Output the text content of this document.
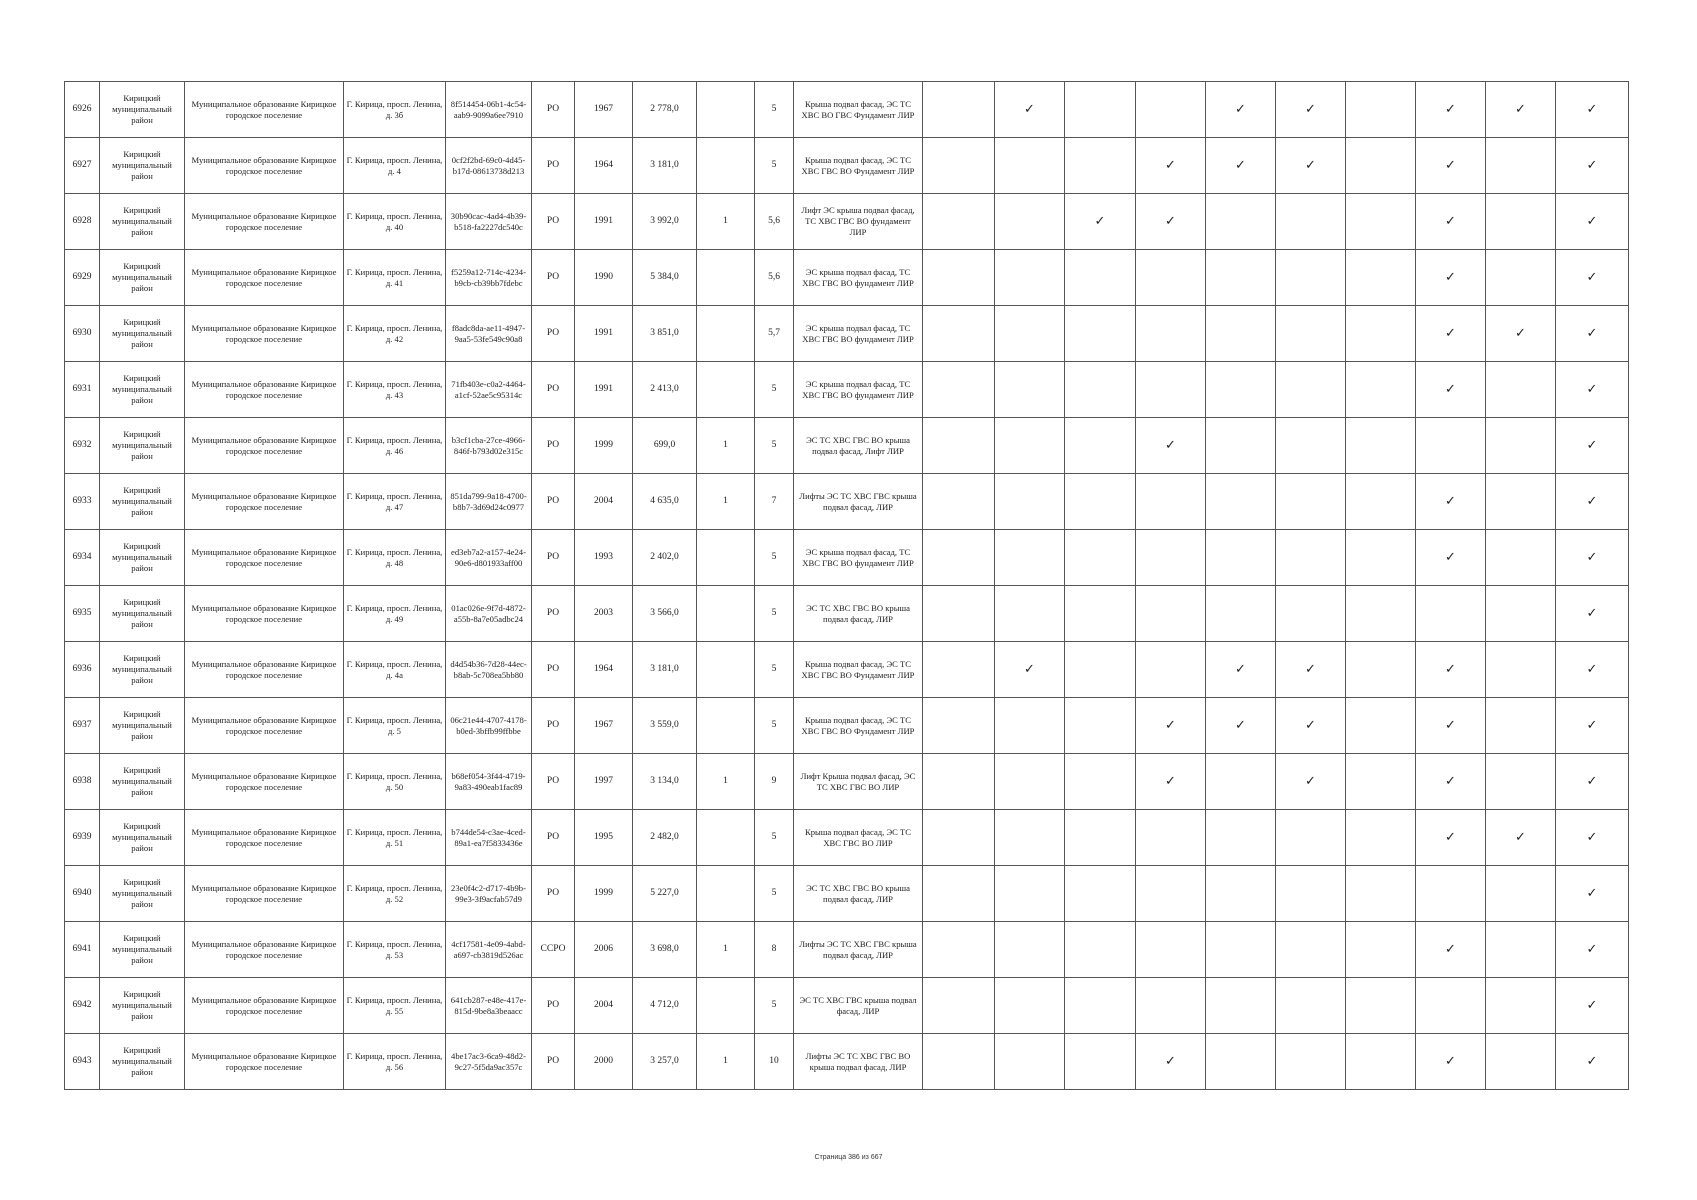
6926	Кирицкий муниципальный район	Муниципальное образование Кирицкое городское поселение	Г. Кирица, просп. Ленина, д. 3б	8f514454-06b1-4c54-aab9-9099a6ee7910	РО	1967	2 778,0		5	Крыша подвал фасад, ЭС ТС ХВС ВО ГВС Фундамент ЛИР		✓			✓	✓		✓	✓	✓
6927	Кирицкий муниципальный район	Муниципальное образование Кирицкое городское поселение	Г. Кирица, просп. Ленина, д. 4	0cf2f2bd-69c0-4d45-b17d-08613738d213	РО	1964	3 181,0		5	Крыша подвал фасад, ЭС ТС ХВС ГВС ВО Фундамент ЛИР				✓	✓	✓		✓		✓
6928	Кирицкий муниципальный район	Муниципальное образование Кирицкое городское поселение	Г. Кирица, просп. Ленина, д. 40	30b90cac-4ad4-4b39-b518-fa2227dc540c	РО	1991	3 992,0	1	5,6	Лифт ЭС крыша подвал фасад, ТС ХВС ГВС ВО фундамент ЛИР			✓	✓				✓		✓
6929	Кирицкий муниципальный район	Муниципальное образование Кирицкое городское поселение	Г. Кирица, просп. Ленина, д. 41	f5259a12-714c-4234-b9cb-cb39bb7fdebc	РО	1990	5 384,0		5,6	ЭС крыша подвал фасад, ТС ХВС ГВС ВО фундамент ЛИР								✓		✓
6930	Кирицкий муниципальный район	Муниципальное образование Кирицкое городское поселение	Г. Кирица, просп. Ленина, д. 42	f8adc8da-ae11-4947-9aa5-53fe549c90a8	РО	1991	3 851,0		5,7	ЭС крыша подвал фасад, ТС ХВС ГВС ВО фундамент ЛИР								✓	✓	✓
6931	Кирицкий муниципальный район	Муниципальное образование Кирицкое городское поселение	Г. Кирица, просп. Ленина, д. 43	71fb403e-c0a2-4464-a1cf-52ae5c95314c	РО	1991	2 413,0		5	ЭС крыша подвал фасад, ТС ХВС ГВС ВО фундамент ЛИР								✓		✓
6932	Кирицкий муниципальный район	Муниципальное образование Кирицкое городское поселение	Г. Кирица, просп. Ленина, д. 46	b3cf1cba-27ce-4966-846f-b793d02e315c	РО	1999	699,0	1	5	ЭС ТС ХВС ГВС ВО крыша подвал фасад, Лифт ЛИР				✓						✓
6933	Кирицкий муниципальный район	Муниципальное образование Кирицкое городское поселение	Г. Кирица, просп. Ленина, д. 47	851da799-9a18-4700-b8b7-3d69d24c0977	РО	2004	4 635,0	1	7	Лифты ЭС ТС ХВС ГВС крыша подвал фасад, ЛИР								✓		✓
6934	Кирицкий муниципальный район	Муниципальное образование Кирицкое городское поселение	Г. Кирица, просп. Ленина, д. 48	ed3eb7a2-a157-4e24-90e6-d801933aff00	РО	1993	2 402,0		5	ЭС крыша подвал фасад, ТС ХВС ГВС ВО фундамент ЛИР								✓		✓
6935	Кирицкий муниципальный район	Муниципальное образование Кирицкое городское поселение	Г. Кирица, просп. Ленина, д. 49	01ac026e-9f7d-4872-a55b-8a7e05adbc24	РО	2003	3 566,0		5	ЭС ТС ХВС ГВС ВО крыша подвал фасад, ЛИР										✓
6936	Кирицкий муниципальный район	Муниципальное образование Кирицкое городское поселение	Г. Кирица, просп. Ленина, д. 4а	d4d54b36-7d28-44ec-b8ab-5c708ea5bb80	РО	1964	3 181,0		5	Крыша подвал фасад, ЭС ТС ХВС ГВС ВО Фундамент ЛИР		✓			✓	✓		✓		✓
6937	Кирицкий муниципальный район	Муниципальное образование Кирицкое городское поселение	Г. Кирица, просп. Ленина, д. 5	06c21e44-4707-4178-b0ed-3bffb99ffbbe	РО	1967	3 559,0		5	Крыша подвал фасад, ЭС ТС ХВС ГВС ВО Фундамент ЛИР				✓	✓	✓		✓		✓
6938	Кирицкий муниципальный район	Муниципальное образование Кирицкое городское поселение	Г. Кирица, просп. Ленина, д. 50	b68ef054-3f44-4719-9a83-490eab1fac89	РО	1997	3 134,0	1	9	Лифт Крыша подвал фасад, ЭС ТС ХВС ГВС ВО ЛИР				✓		✓		✓		✓
6939	Кирицкий муниципальный район	Муниципальное образование Кирицкое городское поселение	Г. Кирица, просп. Ленина, д. 51	b744de54-c3ae-4ced-89a1-ea7f5833436e	РО	1995	2 482,0		5	Крыша подвал фасад, ЭС ТС ХВС ГВС ВО ЛИР								✓	✓	✓
6940	Кирицкий муниципальный район	Муниципальное образование Кирицкое городское поселение	Г. Кирица, просп. Ленина, д. 52	23e0f4c2-d717-4b9b-99e3-3f9acfab57d9	РО	1999	5 227,0		5	ЭС ТС ХВС ГВС ВО крыша подвал фасад, ЛИР										✓
6941	Кирицкий муниципальный район	Муниципальное образование Кирицкое городское поселение	Г. Кирица, просп. Ленина, д. 53	4cf17581-4e09-4abd-a697-cb3819d526ac	ССРО	2006	3 698,0	1	8	Лифты ЭС ТС ХВС ГВС крыша подвал фасад, ЛИР								✓		✓
6942	Кирицкий муниципальный район	Муниципальное образование Кирицкое городское поселение	Г. Кирица, просп. Ленина, д. 55	641cb287-e48e-417e-815d-9be8a3beaacc	РО	2004	4 712,0		5	ЭС ТС ХВС ГВС крыша подвал фасад, ЛИР										✓
6943	Кирицкий муниципальный район	Муниципальное образование Кирицкое городское поселение	Г. Кирица, просп. Ленина, д. 56	4be17ac3-6ca9-48d2-9c27-5f5da9ac357c	РО	2000	3 257,0	1	10	Лифты ЭС ТС ХВС ГВС ВО крыша подвал фасад, ЛИР				✓				✓		✓
Страница 386 из 667
